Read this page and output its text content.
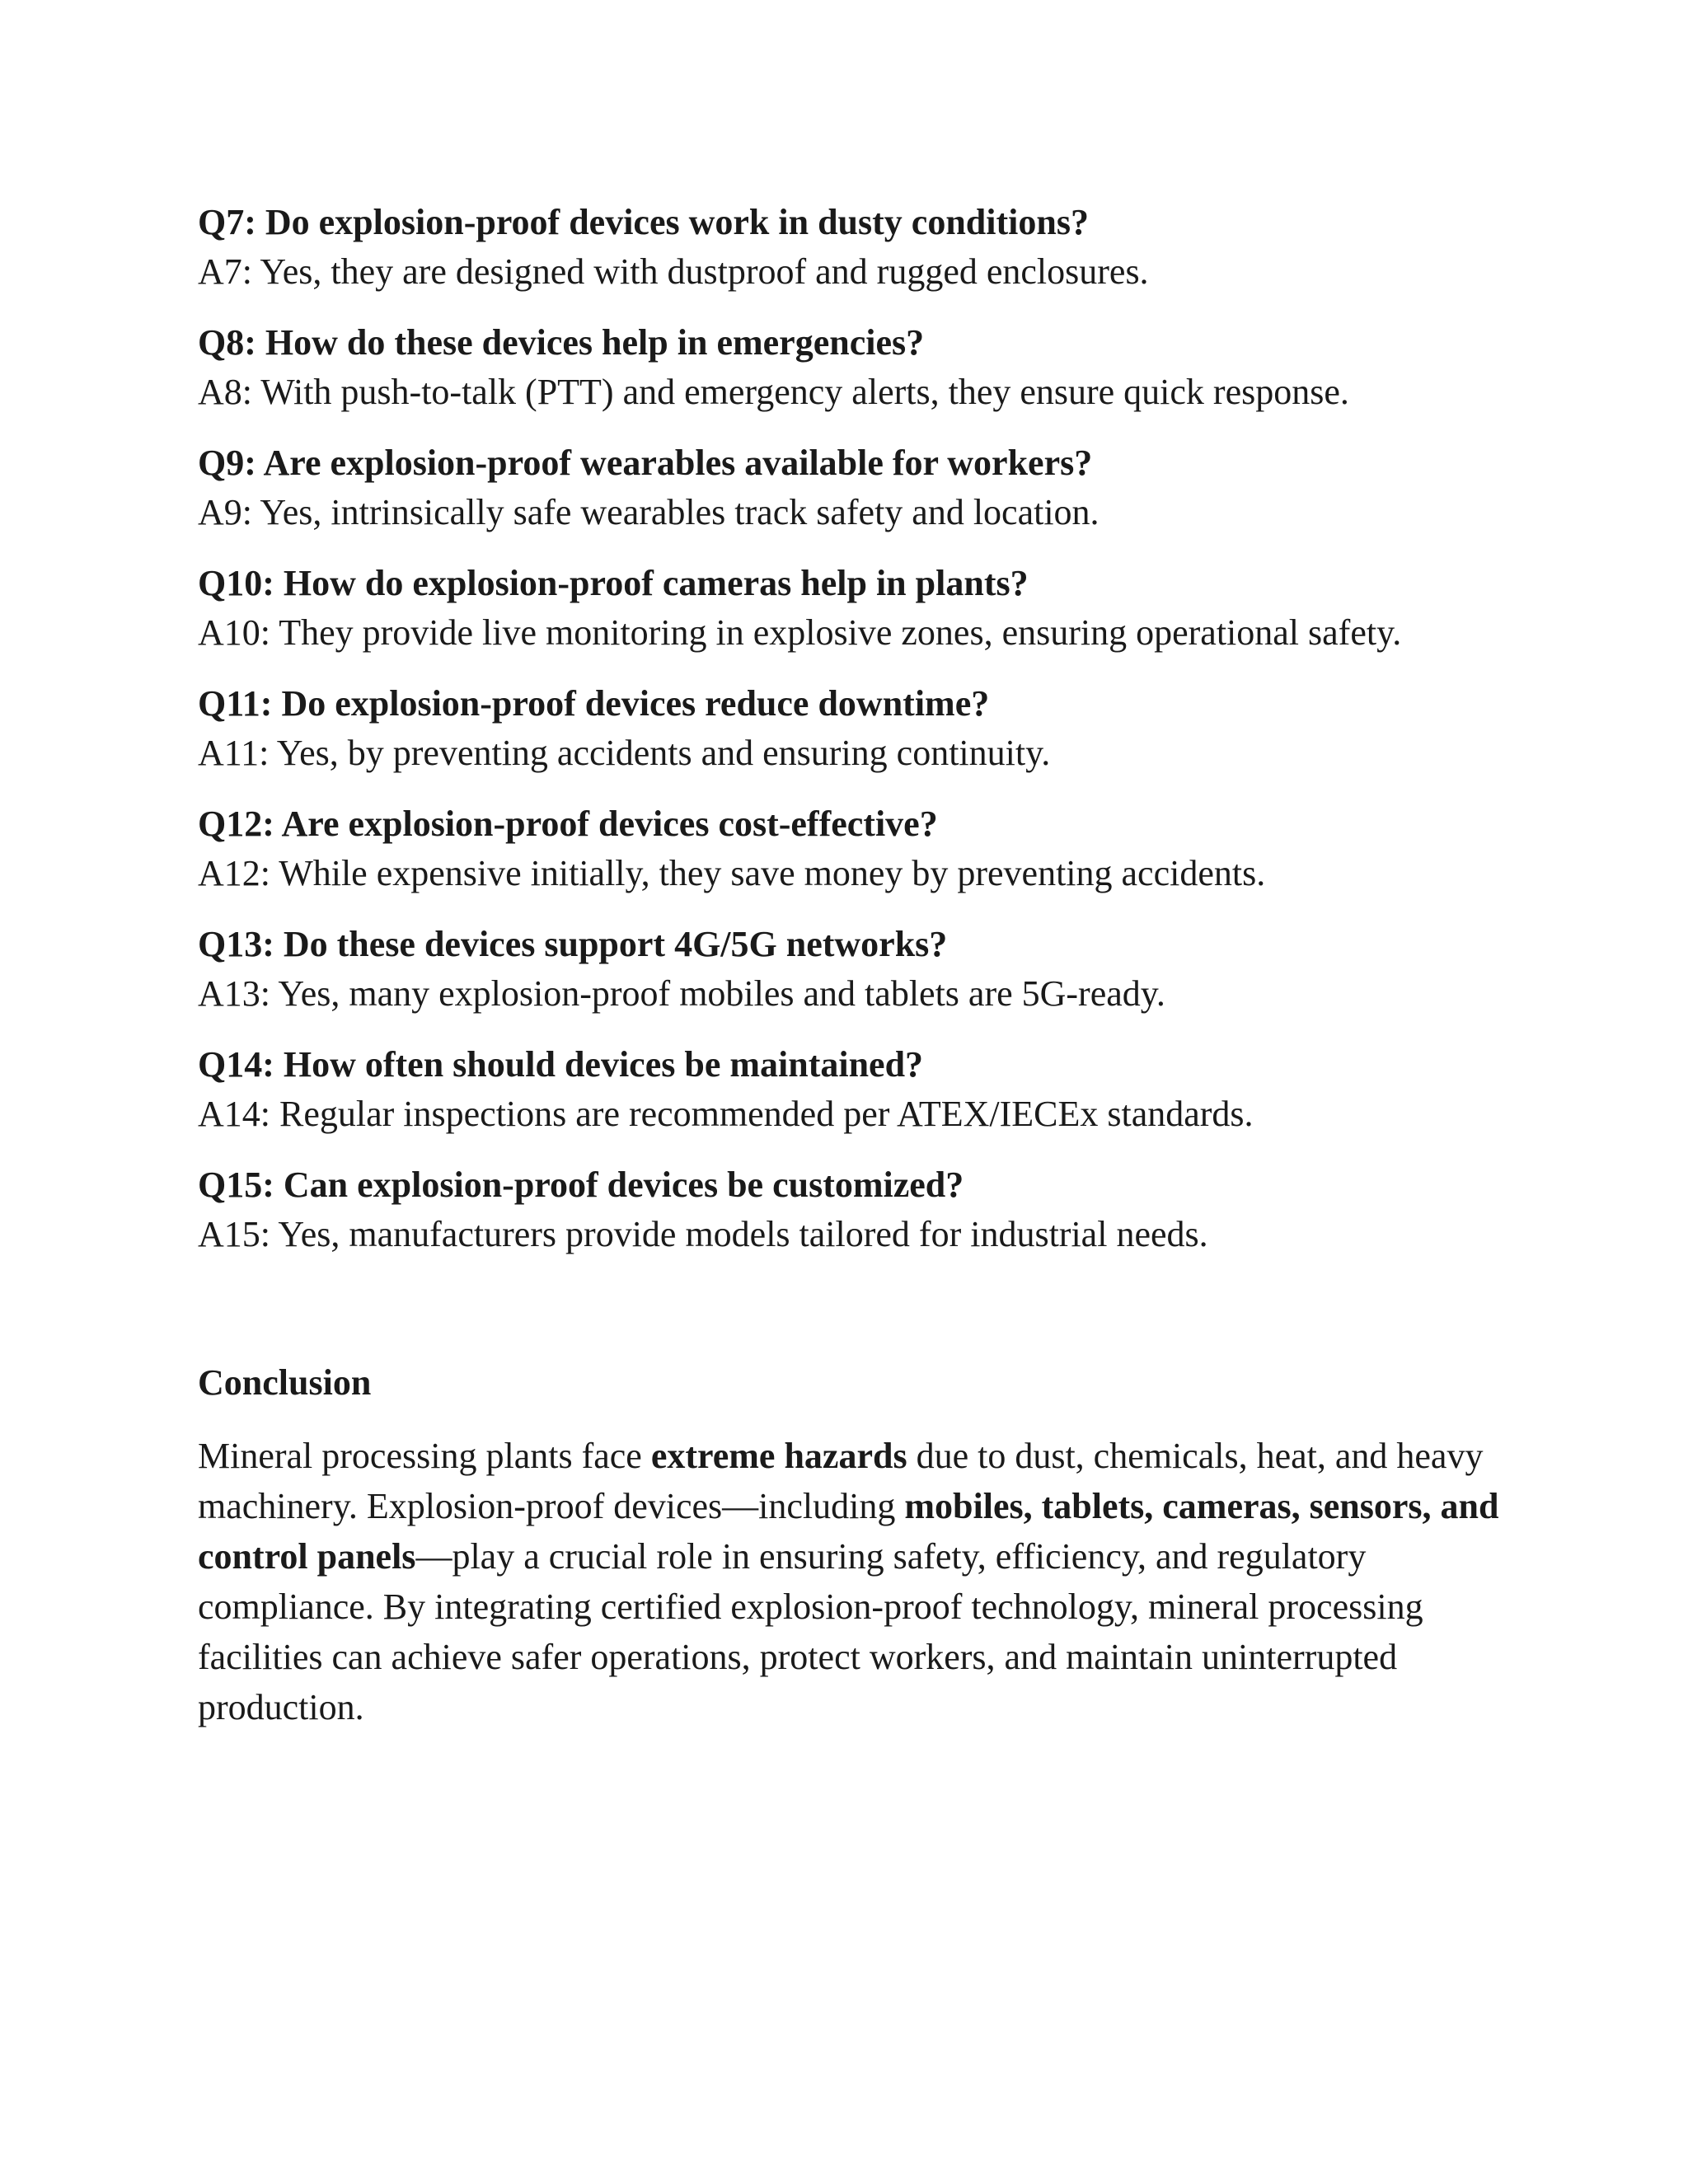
Q7: Do explosion-proof devices work in dusty conditions?

A7: Yes, they are designed with dustproof and rugged enclosures.

Q8: How do these devices help in emergencies?

A8: With push-to-talk (PTT) and emergency alerts, they ensure quick response.

Q9: Are explosion-proof wearables available for workers?

A9: Yes, intrinsically safe wearables track safety and location.

Q10: How do explosion-proof cameras help in plants?

A10: They provide live monitoring in explosive zones, ensuring operational safety.

Q11: Do explosion-proof devices reduce downtime?

A11: Yes, by preventing accidents and ensuring continuity.

Q12: Are explosion-proof devices cost-effective?

A12: While expensive initially, they save money by preventing accidents.

Q13: Do these devices support 4G/5G networks?

A13: Yes, many explosion-proof mobiles and tablets are 5G-ready.

Q14: How often should devices be maintained?

A14: Regular inspections are recommended per ATEX/IECEx standards.

Q15: Can explosion-proof devices be customized?

A15: Yes, manufacturers provide models tailored for industrial needs.

Conclusion

Mineral processing plants face extreme hazards due to dust, chemicals, heat, and heavy machinery. Explosion-proof devices—including mobiles, tablets, cameras, sensors, and control panels—play a crucial role in ensuring safety, efficiency, and regulatory compliance. By integrating certified explosion-proof technology, mineral processing facilities can achieve safer operations, protect workers, and maintain uninterrupted production.
